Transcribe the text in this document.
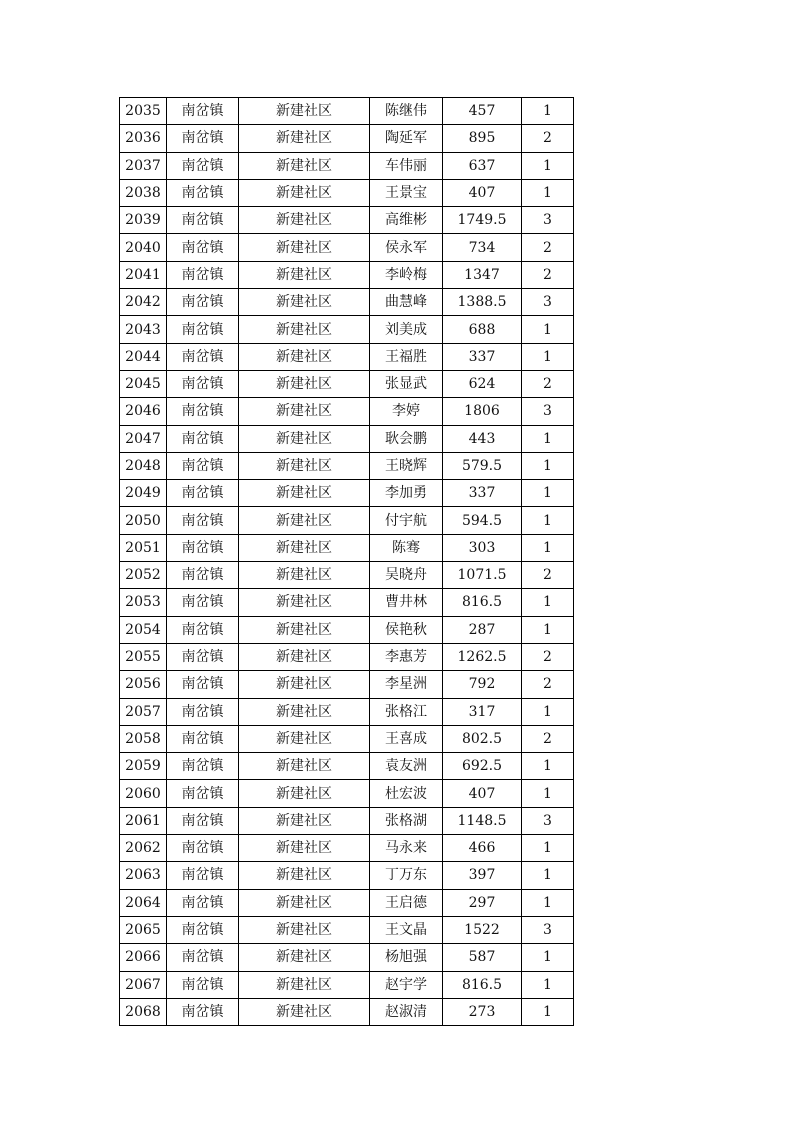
2035	南岔镇	新建社区	陈继伟	457	1
2036	南岔镇	新建社区	陶延军	895	2
2037	南岔镇	新建社区	车伟丽	637	1
2038	南岔镇	新建社区	王景宝	407	1
2039	南岔镇	新建社区	高维彬	1749.5	3
2040	南岔镇	新建社区	侯永军	734	2
2041	南岔镇	新建社区	李岭梅	1347	2
2042	南岔镇	新建社区	曲慧峰	1388.5	3
2043	南岔镇	新建社区	刘美成	688	1
2044	南岔镇	新建社区	王福胜	337	1
2045	南岔镇	新建社区	张显武	624	2
2046	南岔镇	新建社区	李婷	1806	3
2047	南岔镇	新建社区	耿会鹏	443	1
2048	南岔镇	新建社区	王晓辉	579.5	1
2049	南岔镇	新建社区	李加勇	337	1
2050	南岔镇	新建社区	付宇航	594.5	1
2051	南岔镇	新建社区	陈骞	303	1
2052	南岔镇	新建社区	吴晓舟	1071.5	2
2053	南岔镇	新建社区	曹井林	816.5	1
2054	南岔镇	新建社区	侯艳秋	287	1
2055	南岔镇	新建社区	李惠芳	1262.5	2
2056	南岔镇	新建社区	李星洲	792	2
2057	南岔镇	新建社区	张格江	317	1
2058	南岔镇	新建社区	王喜成	802.5	2
2059	南岔镇	新建社区	袁友洲	692.5	1
2060	南岔镇	新建社区	杜宏波	407	1
2061	南岔镇	新建社区	张格湖	1148.5	3
2062	南岔镇	新建社区	马永来	466	1
2063	南岔镇	新建社区	丁万东	397	1
2064	南岔镇	新建社区	王启德	297	1
2065	南岔镇	新建社区	王文晶	1522	3
2066	南岔镇	新建社区	杨旭强	587	1
2067	南岔镇	新建社区	赵宇学	816.5	1
2068	南岔镇	新建社区	赵淑清	273	1
